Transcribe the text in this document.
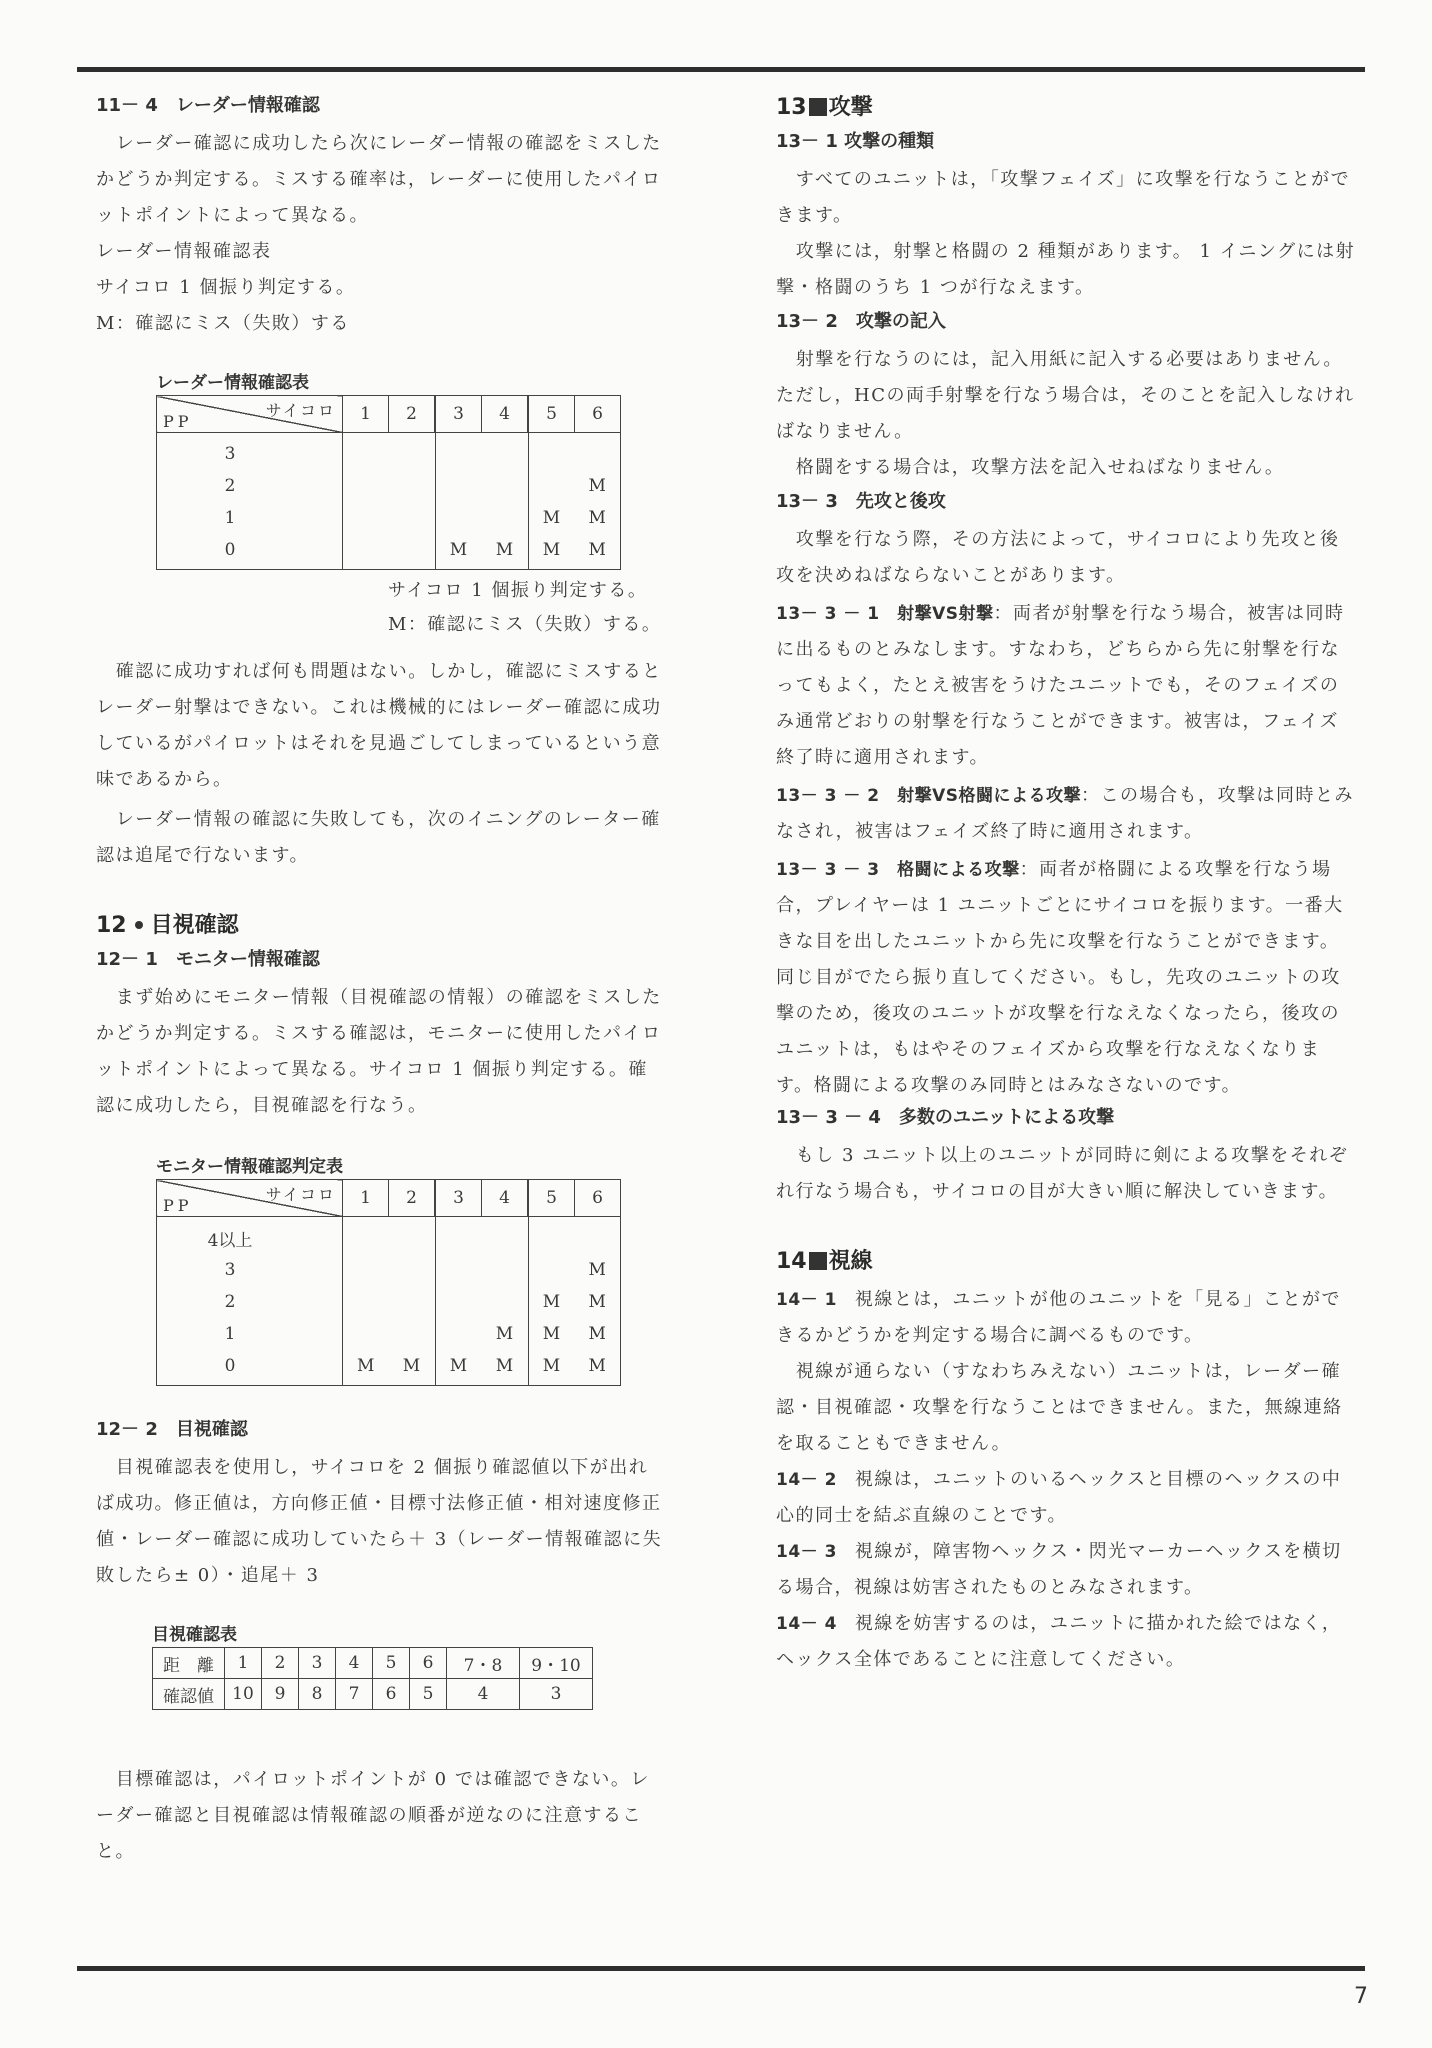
11－ 4　レーダー情報確認

レーダー確認に成功したら次にレーダー情報の確認をミスしたかどうか判定する。ミスする確率は，レーダーに使用したパイロットポイントによって異なる。

レーダー情報確認表

サイコロ 1 個振り判定する。

M：確認にミス（失敗）する

レーダー情報確認表
サイコロ
PP	1	2	3	4	5	6
3						
2						M
1					M	M
0			M	M	M	M
サイコロ 1 個振り判定する。
M：確認にミス（失敗）する。

確認に成功すれば何も問題はない。しかし，確認にミスするとレーダー射撃はできない。これは機械的にはレーダー確認に成功しているがパイロットはそれを見過ごしてしまっているという意味であるから。

レーダー情報の確認に失敗しても，次のイニングのレーター確認は追尾で行ないます。

12 目視確認
12－ 1　モニター情報確認

まず始めにモニター情報（目視確認の情報）の確認をミスしたかどうか判定する。ミスする確認は，モニターに使用したパイロットポイントによって異なる。サイコロ 1 個振り判定する。確認に成功したら，目視確認を行なう。

モニター情報確認判定表
サイコロ
PP	1	2	3	4	5	6
4以上						
3						M
2					M	M
1				M	M	M
0	M	M	M	M	M	M
12－ 2　目視確認

目視確認表を使用し，サイコロを 2 個振り確認値以下が出れば成功。修正値は，方向修正値・目標寸法修正値・相対速度修正値・レーダー確認に成功していたら＋ 3（レーダー情報確認に失敗したら± 0）・追尾＋ 3

目視確認表
距　離	1	2	3	4	5	6	7・8	9・10
確認値	10	9	8	7	6	5	4	3

目標確認は，パイロットポイントが 0 では確認できない。レーダー確認と目視確認は情報確認の順番が逆なのに注意すること。

13 攻撃
13－ 1 攻撃の種類

すべてのユニットは，「攻撃フェイズ」に攻撃を行なうことができます。

攻撃には，射撃と格闘の 2 種類があります。 1 イニングには射撃・格闘のうち 1 つが行なえます。

13－ 2　攻撃の記入

射撃を行なうのには，記入用紙に記入する必要はありません。ただし，HCの両手射撃を行なう場合は，そのことを記入しなければなりません。

格闘をする場合は，攻撃方法を記入せねばなりません。

13－ 3　先攻と後攻

攻撃を行なう際，その方法によって，サイコロにより先攻と後攻を決めねばならないことがあります。

13－ 3 － 1　射撃VS射撃：両者が射撃を行なう場合，被害は同時に出るものとみなします。すなわち，どちらから先に射撃を行なってもよく，たとえ被害をうけたユニットでも，そのフェイズのみ通常どおりの射撃を行なうことができます。被害は，フェイズ終了時に適用されます。

13－ 3 － 2　射撃VS格闘による攻撃：この場合も，攻撃は同時とみなされ，被害はフェイズ終了時に適用されます。

13－ 3 － 3　格闘による攻撃：両者が格闘による攻撃を行なう場合，プレイヤーは 1 ユニットごとにサイコロを振ります。一番大きな目を出したユニットから先に攻撃を行なうことができます。同じ目がでたら振り直してください。もし，先攻のユニットの攻撃のため，後攻のユニットが攻撃を行なえなくなったら，後攻のユニットは，もはやそのフェイズから攻撃を行なえなくなります。格闘による攻撃のみ同時とはみなさないのです。

13－ 3 － 4　多数のユニットによる攻撃

もし 3 ユニット以上のユニットが同時に剣による攻撃をそれぞれ行なう場合も，サイコロの目が大きい順に解決していきます。

14 視線

14－ 1 視線とは，ユニットが他のユニットを「見る」ことができるかどうかを判定する場合に調べるものです。

視線が通らない（すなわちみえない）ユニットは，レーダー確認・目視確認・攻撃を行なうことはできません。また，無線連絡を取ることもできません。

14－ 2 視線は，ユニットのいるヘックスと目標のヘックスの中心的同士を結ぶ直線のことです。

14－ 3 視線が，障害物ヘックス・閃光マーカーヘックスを横切る場合，視線は妨害されたものとみなされます。

14－ 4 視線を妨害するのは，ユニットに描かれた絵ではなく，ヘックス全体であることに注意してください。

7
